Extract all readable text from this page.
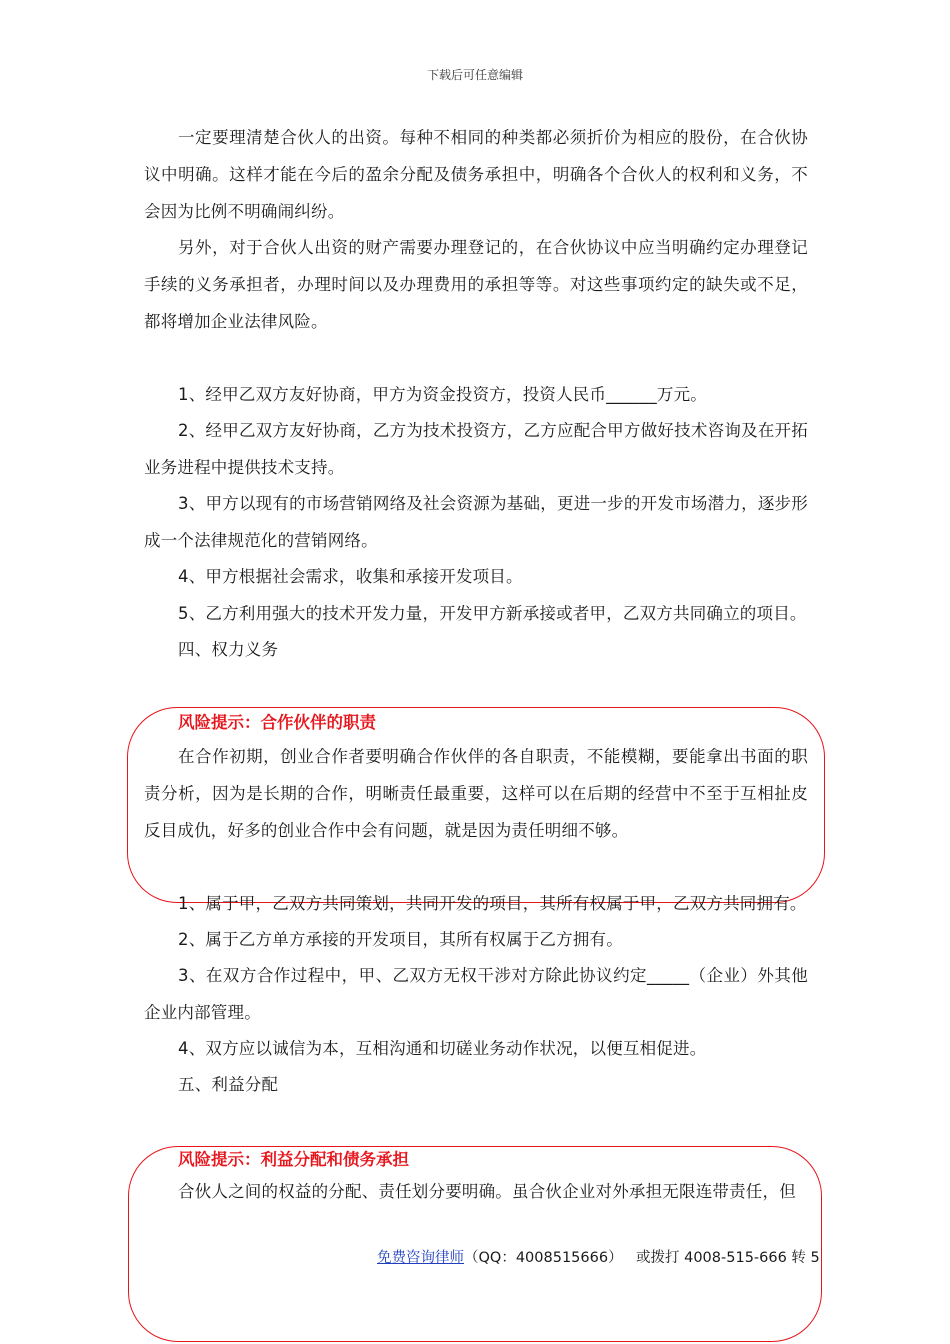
下载后可任意编辑
一定要理清楚合伙人的出资。每种不相同的种类都必须折价为相应的股份，在合伙协议中明确。这样才能在今后的盈余分配及债务承担中，明确各个合伙人的权利和义务，不会因为比例不明确闹纠纷。
另外，对于合伙人出资的财产需要办理登记的，在合伙协议中应当明确约定办理登记手续的义务承担者，办理时间以及办理费用的承担等等。对这些事项约定的缺失或不足，都将增加企业法律风险。
1、经甲乙双方友好协商，甲方为资金投资方，投资人民币______万元。
2、经甲乙双方友好协商，乙方为技术投资方，乙方应配合甲方做好技术咨询及在开拓业务进程中提供技术支持。
3、甲方以现有的市场营销网络及社会资源为基础，更进一步的开发市场潜力，逐步形成一个法律规范化的营销网络。
4、甲方根据社会需求，收集和承接开发项目。
5、乙方利用强大的技术开发力量，开发甲方新承接或者甲，乙双方共同确立的项目。
四、权力义务
风险提示：合作伙伴的职责
在合作初期，创业合作者要明确合作伙伴的各自职责，不能模糊，要能拿出书面的职责分析，因为是长期的合作，明晰责任最重要，这样可以在后期的经营中不至于互相扯皮反目成仇，好多的创业合作中会有问题，就是因为责任明细不够。
1、属于甲，乙双方共同策划，共同开发的项目，其所有权属于甲，乙双方共同拥有。
2、属于乙方单方承接的开发项目，其所有权属于乙方拥有。
3、在双方合作过程中，甲、乙双方无权干涉对方除此协议约定_____（企业）外其他企业内部管理。
4、双方应以诚信为本，互相沟通和切磋业务动作状况，以便互相促进。
五、利益分配
风险提示：利益分配和债务承担
合伙人之间的权益的分配、责任划分要明确。虽合伙企业对外承担无限连带责任，但
免费咨询律师（QQ：4008515666） 或拨打 4008-515-666 转 5
